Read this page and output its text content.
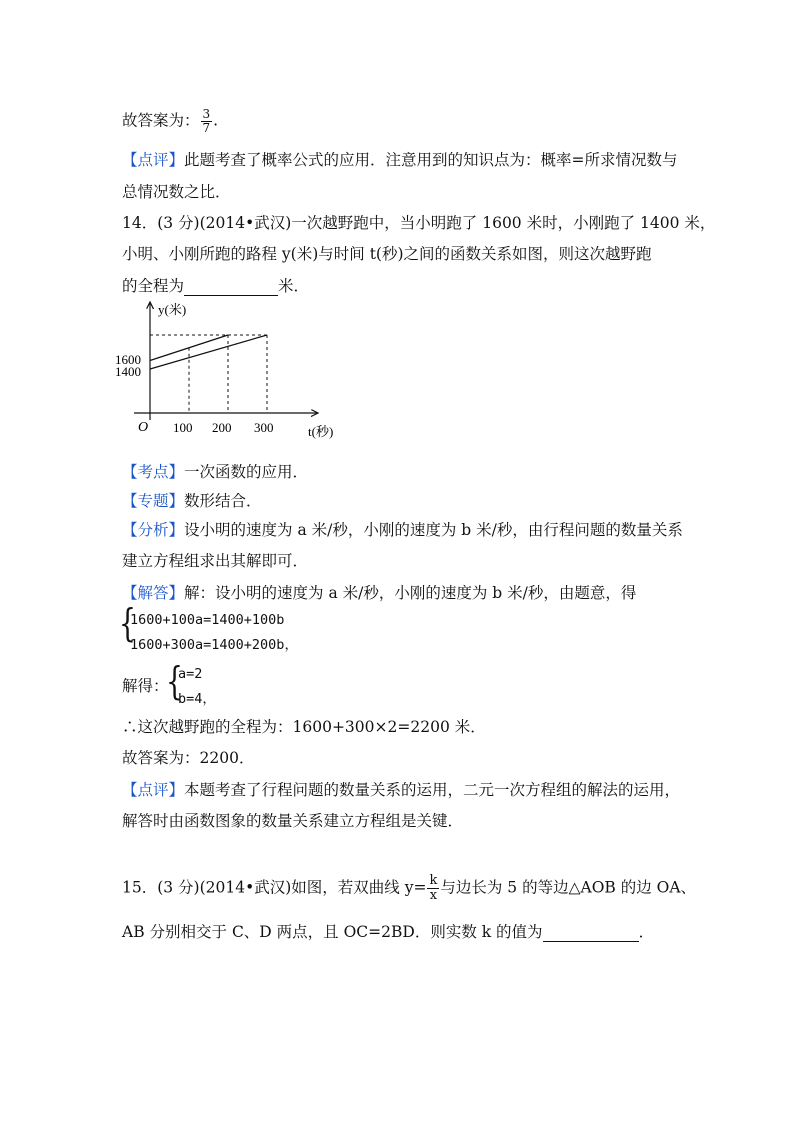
故答案为： $\frac{3}{7}$ .
【点评】此题考查了概率公式的应用．注意用到的知识点为：概率=所求情况数与
总情况数之比．
14．(3 分)(2014•武汉)一次越野跑中，当小明跑了 1600 米时，小刚跑了 1400 米，
小明、小刚所跑的路程 y(米)与时间 t(秒)之间的函数关系如图，则这次越野跑
的全程为	米．
y(米)
t(秒)
O
1600
1400
100 200 300
【考点】一次函数的应用．
【专题】数形结合．
【分析】设小明的速度为 a 米/秒，小刚的速度为 b 米/秒，由行程问题的数量关系
建立方程组求出其解即可．
【解答】解：设小明的速度为 a 米/秒，小刚的速度为 b 米/秒，由题意，得
{
1600+100a=1400+100b
1600+300a=1400+200b，
解得：
{
a=2
b=4，
∴这次越野跑的全程为：1600+300×2=2200 米．
故答案为：2200．
【点评】本题考查了行程问题的数量关系的运用，二元一次方程组的解法的运用，
解答时由函数图象的数量关系建立方程组是关键．
15．(3 分)(2014•武汉)如图，若双曲线 $y= \frac{k}{x}$ 与边长为 5 的等边△AOB 的边 OA、
AB 分别相交于 C、D 两点，且 OC=2BD．则实数 k 的值为	．
